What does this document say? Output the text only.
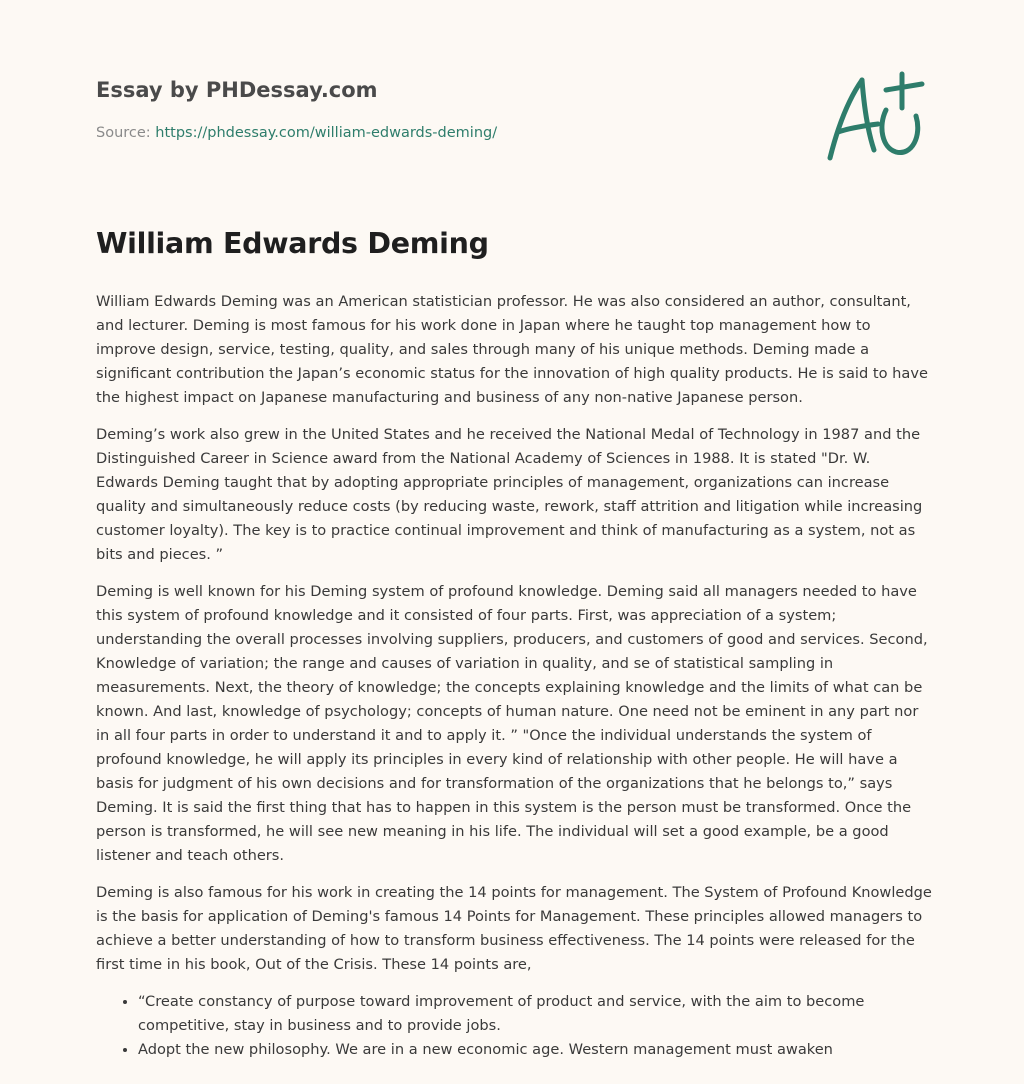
Essay by PHDessay.com
Source: https://phdessay.com/william-edwards-deming/
William Edwards Deming

William Edwards Deming was an American statistician professor. He was also considered an author, consultant, and lecturer. Deming is most famous for his work done in Japan where he taught top management how to improve design, service, testing, quality, and sales through many of his unique methods. Deming made a significant contribution the Japan’s economic status for the innovation of high quality products. He is said to have the highest impact on Japanese manufacturing and business of any non-native Japanese person.

Deming’s work also grew in the United States and he received the National Medal of Technology in 1987 and the Distinguished Career in Science award from the National Academy of Sciences in 1988. It is stated "Dr. W. Edwards Deming taught that by adopting appropriate principles of management, organizations can increase quality and simultaneously reduce costs (by reducing waste, rework, staff attrition and litigation while increasing customer loyalty). The key is to practice continual improvement and think of manufacturing as a system, not as bits and pieces. ”

Deming is well known for his Deming system of profound knowledge. Deming said all managers needed to have this system of profound knowledge and it consisted of four parts. First, was appreciation of a system; understanding the overall processes involving suppliers, producers, and customers of good and services. Second, Knowledge of variation; the range and causes of variation in quality, and se of statistical sampling in measurements. Next, the theory of knowledge; the concepts explaining knowledge and the limits of what can be known. And last, knowledge of psychology; concepts of human nature. One need not be eminent in any part nor in all four parts in order to understand it and to apply it. ” "Once the individual understands the system of profound knowledge, he will apply its principles in every kind of relationship with other people. He will have a basis for judgment of his own decisions and for transformation of the organizations that he belongs to,” says Deming. It is said the first thing that has to happen in this system is the person must be transformed. Once the person is transformed, he will see new meaning in his life. The individual will set a good example, be a good listener and teach others.

Deming is also famous for his work in creating the 14 points for management. The System of Profound Knowledge is the basis for application of Deming's famous 14 Points for Management. These principles allowed managers to achieve a better understanding of how to transform business effectiveness. The 14 points were released for the first time in his book, Out of the Crisis. These 14 points are,

• “Create constancy of purpose toward improvement of product and service, with the aim to become competitive, stay in business and to provide jobs.
• Adopt the new philosophy. We are in a new economic age. Western management must awaken
